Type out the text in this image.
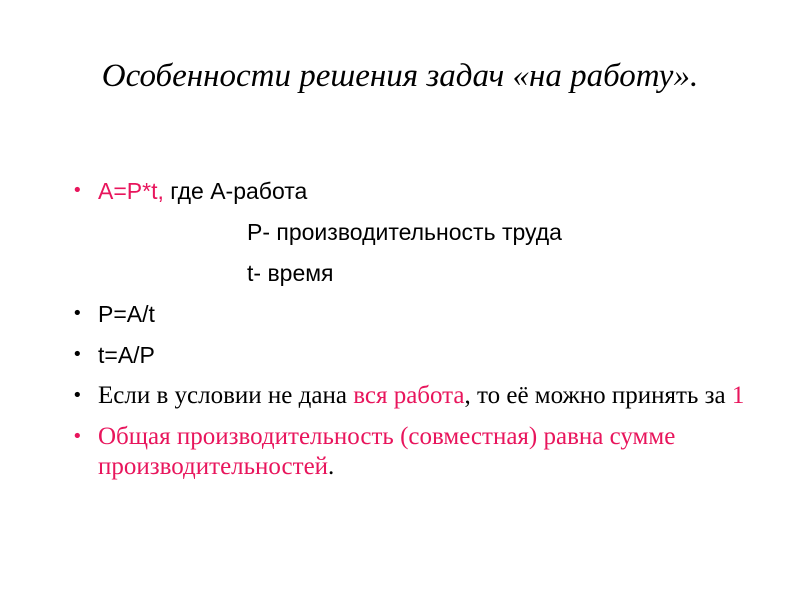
Особенности решения задач «на работу».
• A=P*t, где A-работа
P- производительность труда
t- время
• P=A/t
• t=A/P
• Если в условии не дана вся работа, то её можно принять за 1
• Общая производительность (совместная) равна сумме производительностей.
